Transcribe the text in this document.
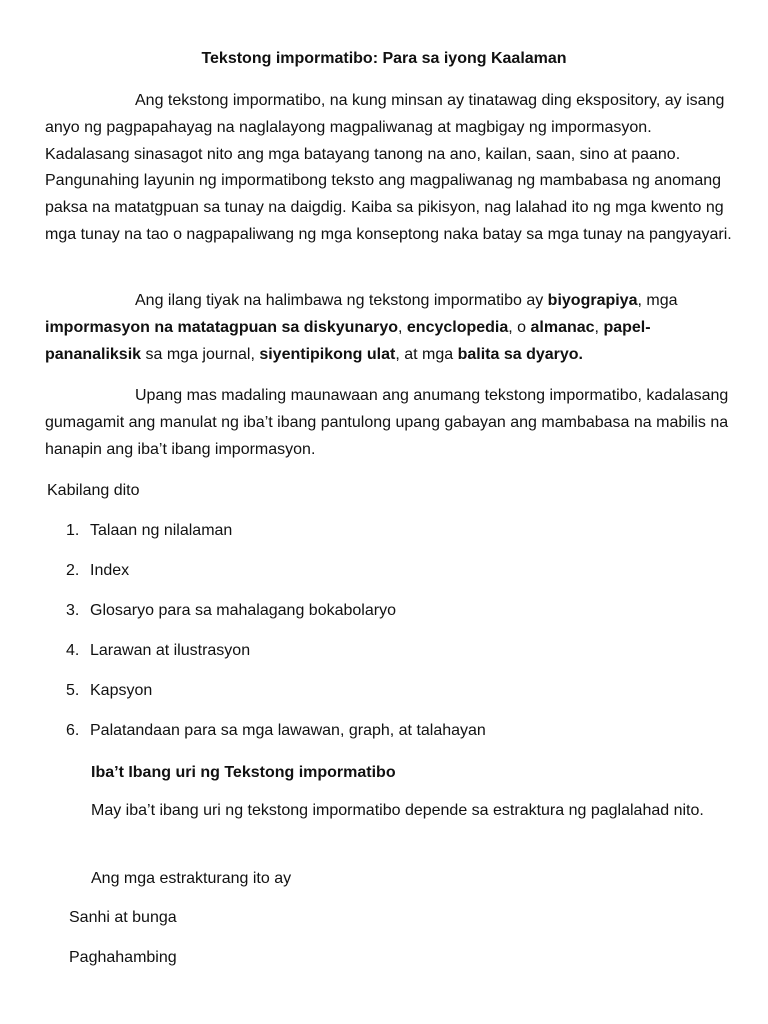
Tekstong impormatibo: Para sa iyong Kaalaman

Ang tekstong impormatibo, na kung minsan ay tinatawag ding ekspository, ay isang anyo ng pagpapahayag na naglalayong magpaliwanag at magbigay ng impormasyon. Kadalasang sinasagot nito ang mga batayang tanong na ano, kailan, saan, sino at paano. Pangunahing layunin ng impormatibong teksto ang magpaliwanag ng mambabasa ng anomang paksa na matatgpuan sa tunay na daigdig. Kaiba sa pikisyon, nag lalahad ito ng mga kwento ng mga tunay na tao o nagpapaliwang ng mga konseptong naka batay sa mga tunay na pangyayari.

Ang ilang tiyak na halimbawa ng tekstong impormatibo ay biyograpiya, mga impormasyon na matatagpuan sa diskyunaryo, encyclopedia, o almanac, papel-pananaliksik sa mga journal, siyentipikong ulat, at mga balita sa dyaryo.

Upang mas madaling maunawaan ang anumang tekstong impormatibo, kadalasang gumagamit ang manulat ng iba’t ibang pantulong upang gabayan ang mambabasa na mabilis na hanapin ang iba’t ibang impormasyon.

Kabilang dito
1. Talaan ng nilalaman
2. Index
3. Glosaryo para sa mahalagang bokabolaryo
4. Larawan at ilustrasyon
5. Kapsyon
6. Palatandaan para sa mga lawawan, graph, at talahayan
Iba’t Ibang uri ng Tekstong impormatibo

May iba’t ibang uri ng tekstong impormatibo depende sa estraktura ng paglalahad nito.

Ang mga estrakturang ito ay
Sanhi at bunga
Paghahambing
